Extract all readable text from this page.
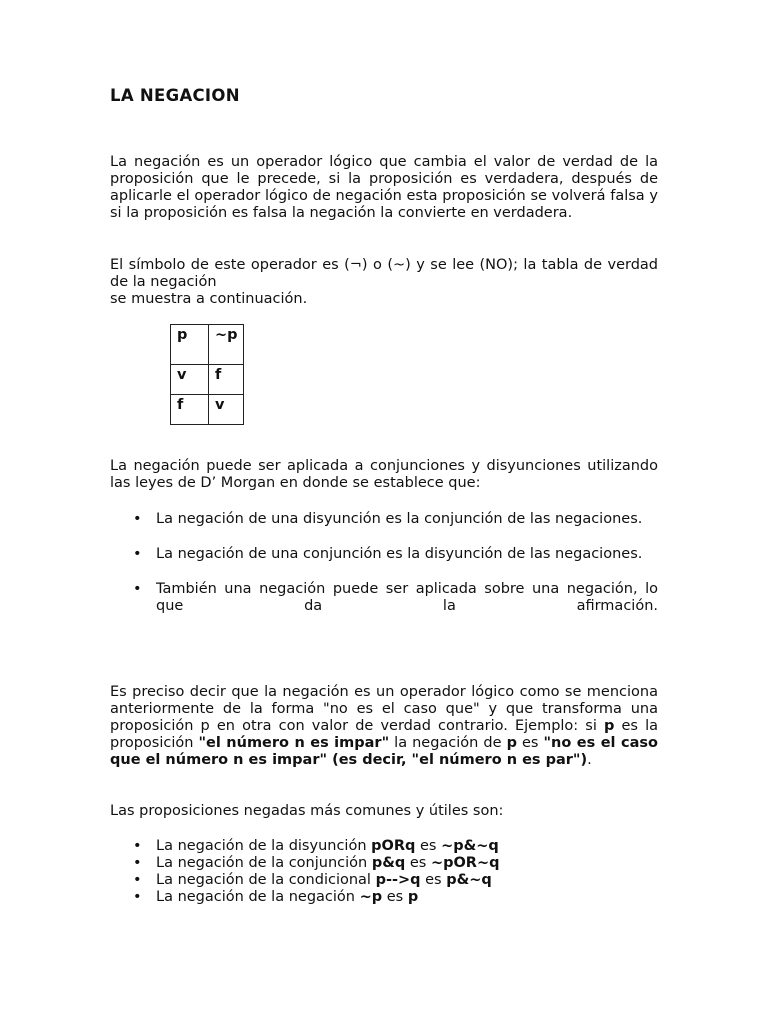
LA NEGACION

La negación es un operador lógico que cambia el valor de verdad de la proposición que le precede, si la proposición es verdadera, después de aplicarle el operador lógico de negación esta proposición se volverá falsa y si la proposición es falsa la negación la convierte en verdadera.

El símbolo de este operador es (¬) o (~) y se lee (NO); la tabla de verdad de la negación
se muestra a continuación.

p	~p
v	f
f	v

La negación puede ser aplicada a conjunciones y disyunciones utilizando las leyes de D’ Morgan en donde se establece que:

• La negación de una disyunción es la conjunción de las negaciones.
• La negación de una conjunción es la disyunción de las negaciones.
• También una negación puede ser aplicada sobre una negación, lo que da la afirmación.

Es preciso decir que la negación es un operador lógico como se menciona anteriormente de la forma "no es el caso que" y que transforma una proposición p en otra con valor de verdad contrario. Ejemplo: si p es la proposición "el número n es impar" la negación de p es "no es el caso que el número n es impar" (es decir, "el número n es par").

Las proposiciones negadas más comunes y útiles son:

• La negación de la disyunción pORq es ~p&~q
• La negación de la conjunción p&q es ~pOR~q
• La negación de la condicional p-->q es p&~q
• La negación de la negación ~p es p
